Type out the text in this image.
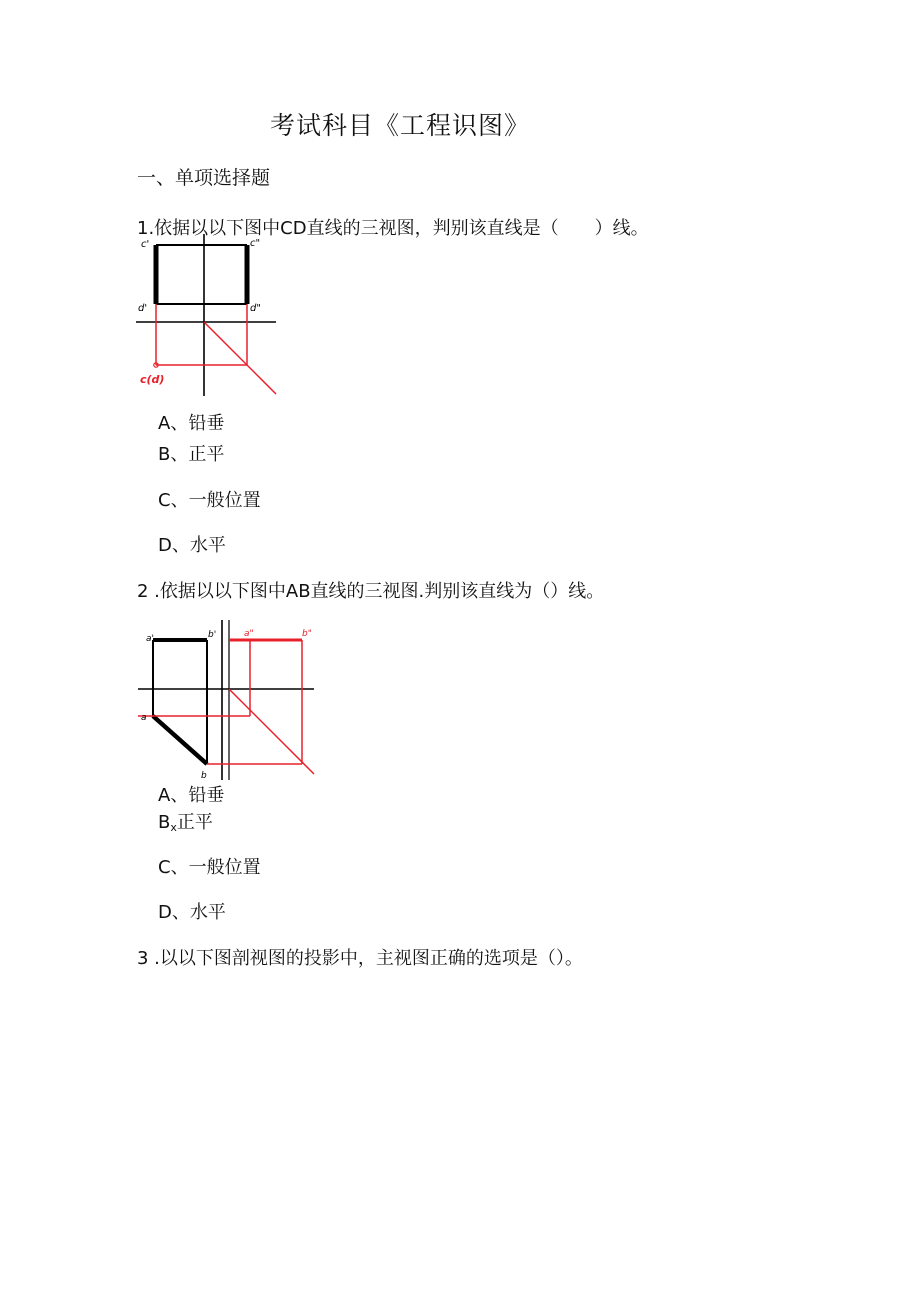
考试科目《工程识图》
一、单项选择题
1.依据以以下图中CD直线的三视图，判别该直线是（　　）线。
c'	c"
d'	d"
c(d)
A、铅垂
B、正平
C、一般位置
D、水平
2 .依据以以下图中AB直线的三视图.判别该直线为（）线。
a'	b'	a"	b"
a
b
A、铅垂
$B_x$正平
C、一般位置
D、水平
3 .以以下图剖视图的投影中，主视图正确的选项是（）。
